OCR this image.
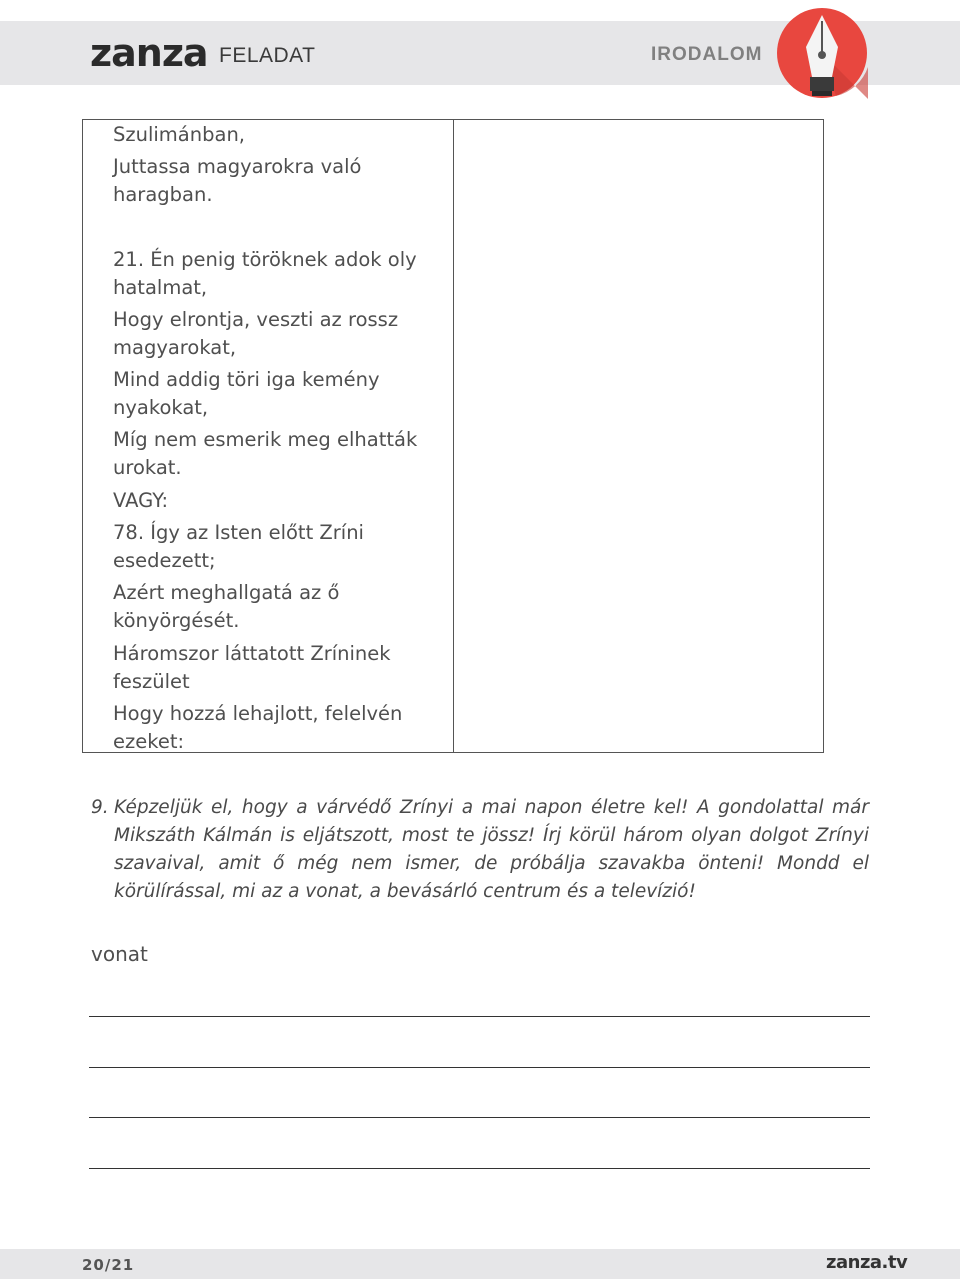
zanza FELADAT	IRODALOM
Szulimánban,
Juttassa magyarokra való
haragban.
21. Én penig töröknek adok oly
hatalmat,
Hogy elrontja, veszti az rossz
magyarokat,
Mind addig töri iga kemény
nyakokat,
Míg nem esmerik meg elhatták
urokat.
VAGY:
78. Így az Isten előtt Zríni
esedezett;
Azért meghallgatá az ő
könyörgését.
Háromszor láttatott Zríninek
feszület
Hogy hozzá lehajlott, felelvén
ezeket:
9. Képzeljük el, hogy a várvédő Zrínyi a mai napon életre kel! A gondolattal már Mikszáth Kálmán is eljátszott, most te jössz! Írj körül három olyan dolgot Zrínyi szavaival, amit ő még nem ismer, de próbálja szavakba önteni! Mondd el körülírással, mi az a vonat, a bevásárló centrum és a televízió!
vonat
20/21	zanza.tv
